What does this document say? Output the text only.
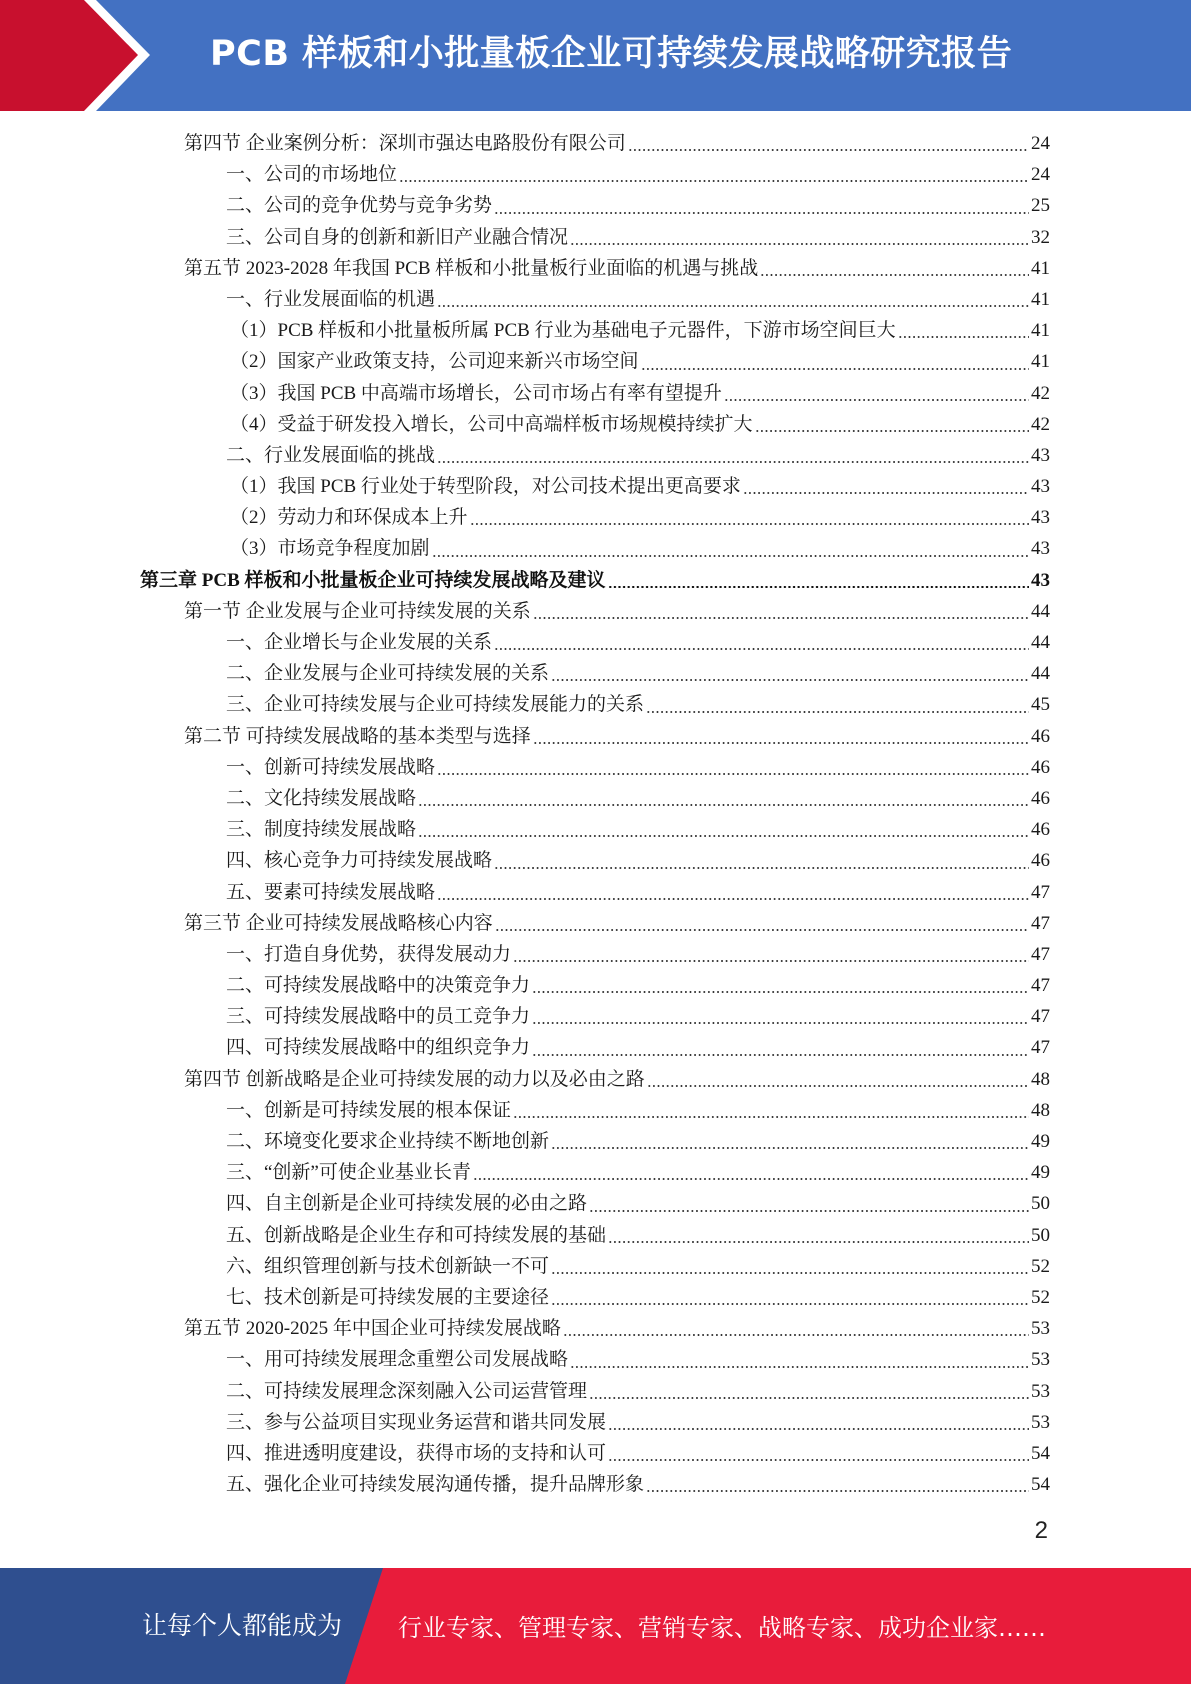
PCB 样板和小批量板企业可持续发展战略研究报告
第四节 企业案例分析：深圳市强达电路股份有限公司	24
一、公司的市场地位	24
二、公司的竞争优势与竞争劣势	25
三、公司自身的创新和新旧产业融合情况	32
第五节 2023-2028 年我国 PCB 样板和小批量板行业面临的机遇与挑战	41
一、行业发展面临的机遇	41
（1）PCB 样板和小批量板所属 PCB 行业为基础电子元器件，下游市场空间巨大	41
（2）国家产业政策支持，公司迎来新兴市场空间	41
（3）我国 PCB 中高端市场增长，公司市场占有率有望提升	42
（4）受益于研发投入增长，公司中高端样板市场规模持续扩大	42
二、行业发展面临的挑战	43
（1）我国 PCB 行业处于转型阶段，对公司技术提出更高要求	43
（2）劳动力和环保成本上升	43
（3）市场竞争程度加剧	43
第三章 PCB 样板和小批量板企业可持续发展战略及建议	43
第一节 企业发展与企业可持续发展的关系	44
一、企业增长与企业发展的关系	44
二、企业发展与企业可持续发展的关系	44
三、企业可持续发展与企业可持续发展能力的关系	45
第二节 可持续发展战略的基本类型与选择	46
一、创新可持续发展战略	46
二、文化持续发展战略	46
三、制度持续发展战略	46
四、核心竞争力可持续发展战略	46
五、要素可持续发展战略	47
第三节 企业可持续发展战略核心内容	47
一、打造自身优势，获得发展动力	47
二、可持续发展战略中的决策竞争力	47
三、可持续发展战略中的员工竞争力	47
四、可持续发展战略中的组织竞争力	47
第四节 创新战略是企业可持续发展的动力以及必由之路	48
一、创新是可持续发展的根本保证	48
二、环境变化要求企业持续不断地创新	49
三、“创新”可使企业基业长青	49
四、自主创新是企业可持续发展的必由之路	50
五、创新战略是企业生存和可持续发展的基础	50
六、组织管理创新与技术创新缺一不可	52
七、技术创新是可持续发展的主要途径	52
第五节 2020-2025 年中国企业可持续发展战略	53
一、用可持续发展理念重塑公司发展战略	53
二、可持续发展理念深刻融入公司运营管理	53
三、参与公益项目实现业务运营和谐共同发展	53
四、推进透明度建设，获得市场的支持和认可	54
五、强化企业可持续发展沟通传播，提升品牌形象	54
2
让每个人都能成为 行业专家、管理专家、营销专家、战略专家、成功企业家……
